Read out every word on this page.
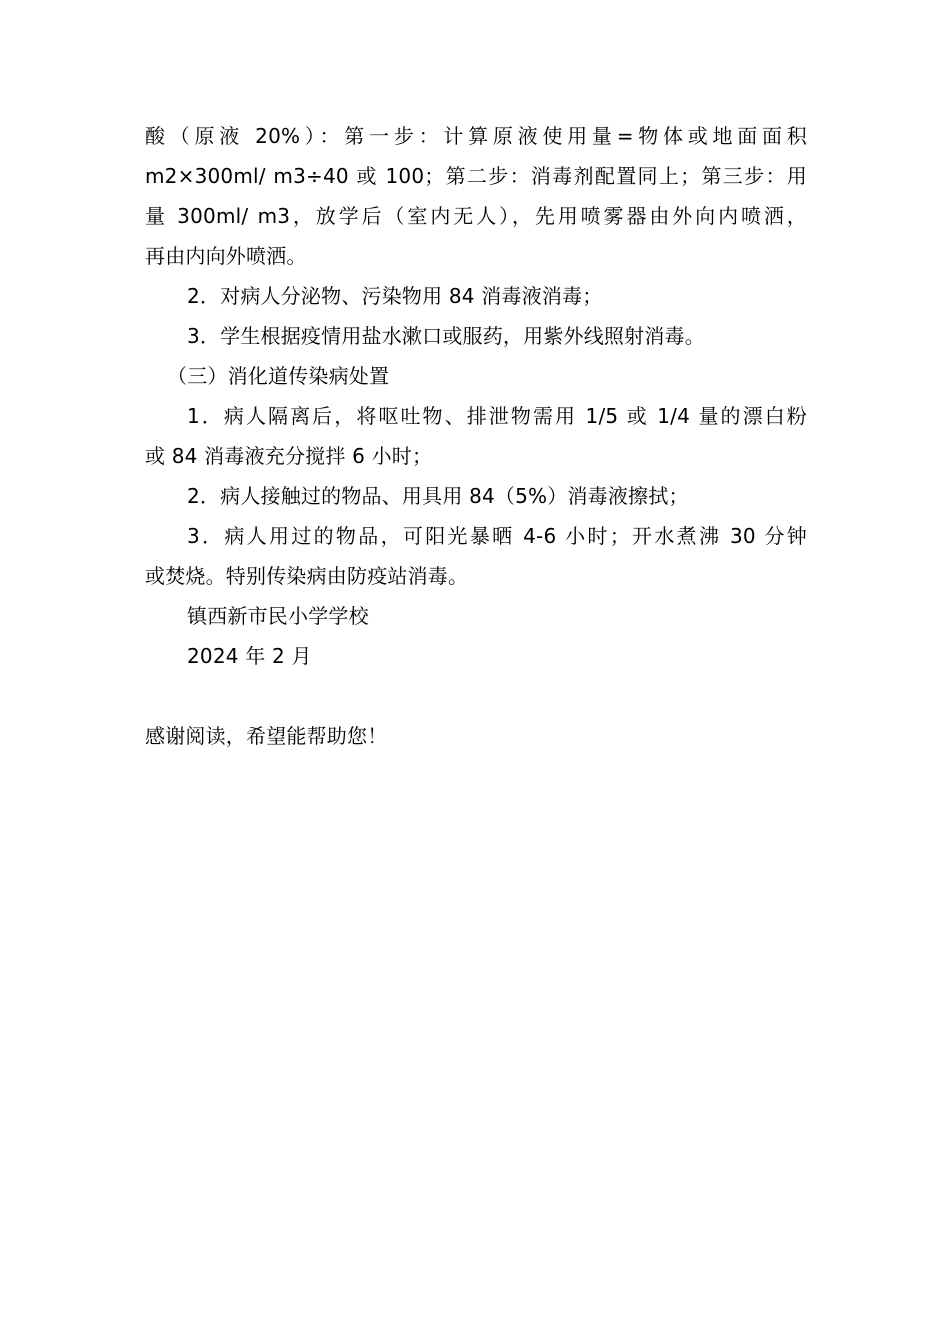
酸（原液 20%）：第一步：计算原液使用量=物体或地面面积
m2×300ml/ m3÷40 或 100；第二步：消毒剂配置同上；第三步：用
量 300ml/ m3，放学后（室内无人），先用喷雾器由外向内喷洒，
再由内向外喷洒。
2．对病人分泌物、污染物用 84 消毒液消毒；
3．学生根据疫情用盐水漱口或服药，用紫外线照射消毒。
（三）消化道传染病处置
1．病人隔离后，将呕吐物、排泄物需用 1/5 或 1/4 量的漂白粉
或 84 消毒液充分搅拌 6 小时；
2．病人接触过的物品、用具用 84（5%）消毒液擦拭；
3．病人用过的物品，可阳光暴晒 4-6 小时；开水煮沸 30 分钟
或焚烧。特别传染病由防疫站消毒。
镇西新市民小学学校
2024 年 2 月
感谢阅读，希望能帮助您！
